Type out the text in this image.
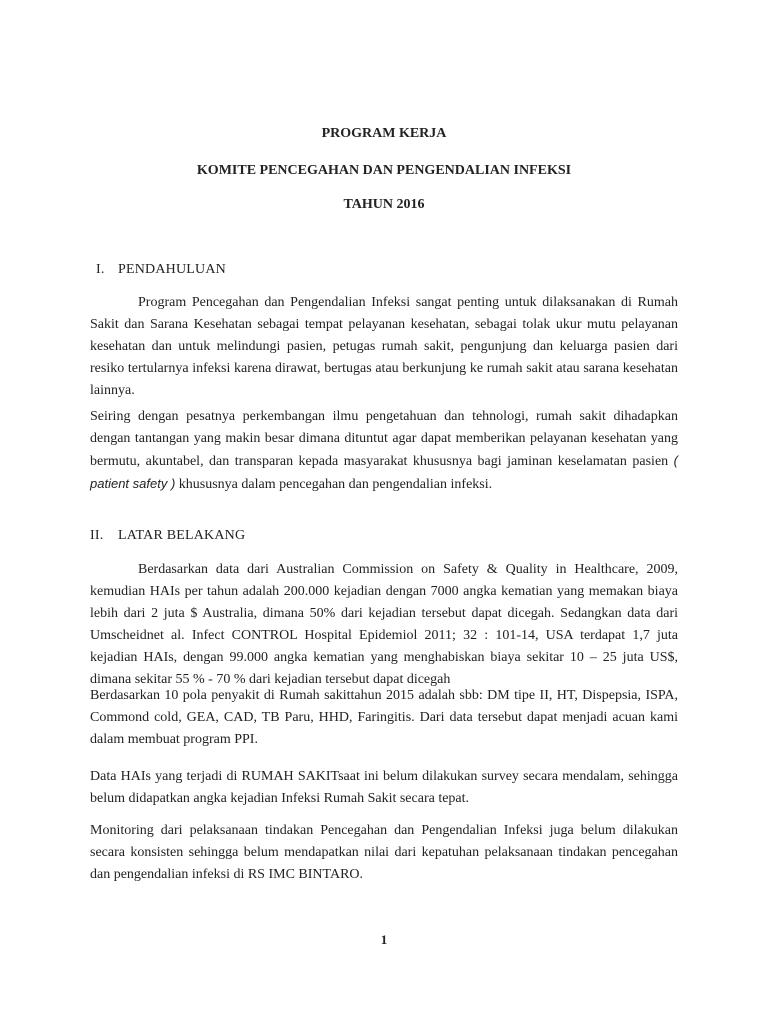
PROGRAM KERJA

KOMITE PENCEGAHAN DAN PENGENDALIAN INFEKSI

TAHUN 2016

I. PENDAHULUAN

Program Pencegahan dan Pengendalian Infeksi sangat penting untuk dilaksanakan di Rumah Sakit dan Sarana Kesehatan sebagai tempat pelayanan kesehatan, sebagai tolak ukur mutu pelayanan kesehatan dan untuk melindungi pasien, petugas rumah sakit, pengunjung dan keluarga pasien dari resiko tertularnya infeksi karena dirawat, bertugas atau berkunjung ke rumah sakit atau sarana kesehatan lainnya.

Seiring dengan pesatnya perkembangan ilmu pengetahuan dan tehnologi, rumah sakit dihadapkan dengan tantangan yang makin besar dimana dituntut agar dapat memberikan pelayanan kesehatan yang bermutu, akuntabel, dan transparan kepada masyarakat khususnya bagi jaminan keselamatan pasien ( patient safety ) khususnya dalam pencegahan dan pengendalian infeksi.

II. LATAR BELAKANG

Berdasarkan data dari Australian Commission on Safety & Quality in Healthcare, 2009, kemudian HAIs per tahun adalah 200.000 kejadian dengan 7000 angka kematian yang memakan biaya lebih dari 2 juta $ Australia, dimana 50% dari kejadian tersebut dapat dicegah. Sedangkan data dari Umscheidnet al. Infect CONTROL Hospital Epidemiol 2011; 32 : 101-14, USA terdapat 1,7 juta kejadian HAIs, dengan 99.000 angka kematian yang menghabiskan biaya sekitar 10 – 25 juta US$, dimana sekitar 55 % - 70 % dari kejadian tersebut dapat dicegah

Berdasarkan 10 pola penyakit di Rumah sakittahun 2015 adalah sbb: DM tipe II, HT, Dispepsia, ISPA, Commond cold, GEA, CAD, TB Paru, HHD, Faringitis. Dari data tersebut dapat menjadi acuan kami dalam membuat program PPI.

Data HAIs yang terjadi di RUMAH SAKITsaat ini belum dilakukan survey secara mendalam, sehingga belum didapatkan angka kejadian Infeksi Rumah Sakit secara tepat.

Monitoring dari pelaksanaan tindakan Pencegahan dan Pengendalian Infeksi juga belum dilakukan secara konsisten sehingga belum mendapatkan nilai dari kepatuhan pelaksanaan tindakan pencegahan dan pengendalian infeksi di RS IMC BINTARO.

1
